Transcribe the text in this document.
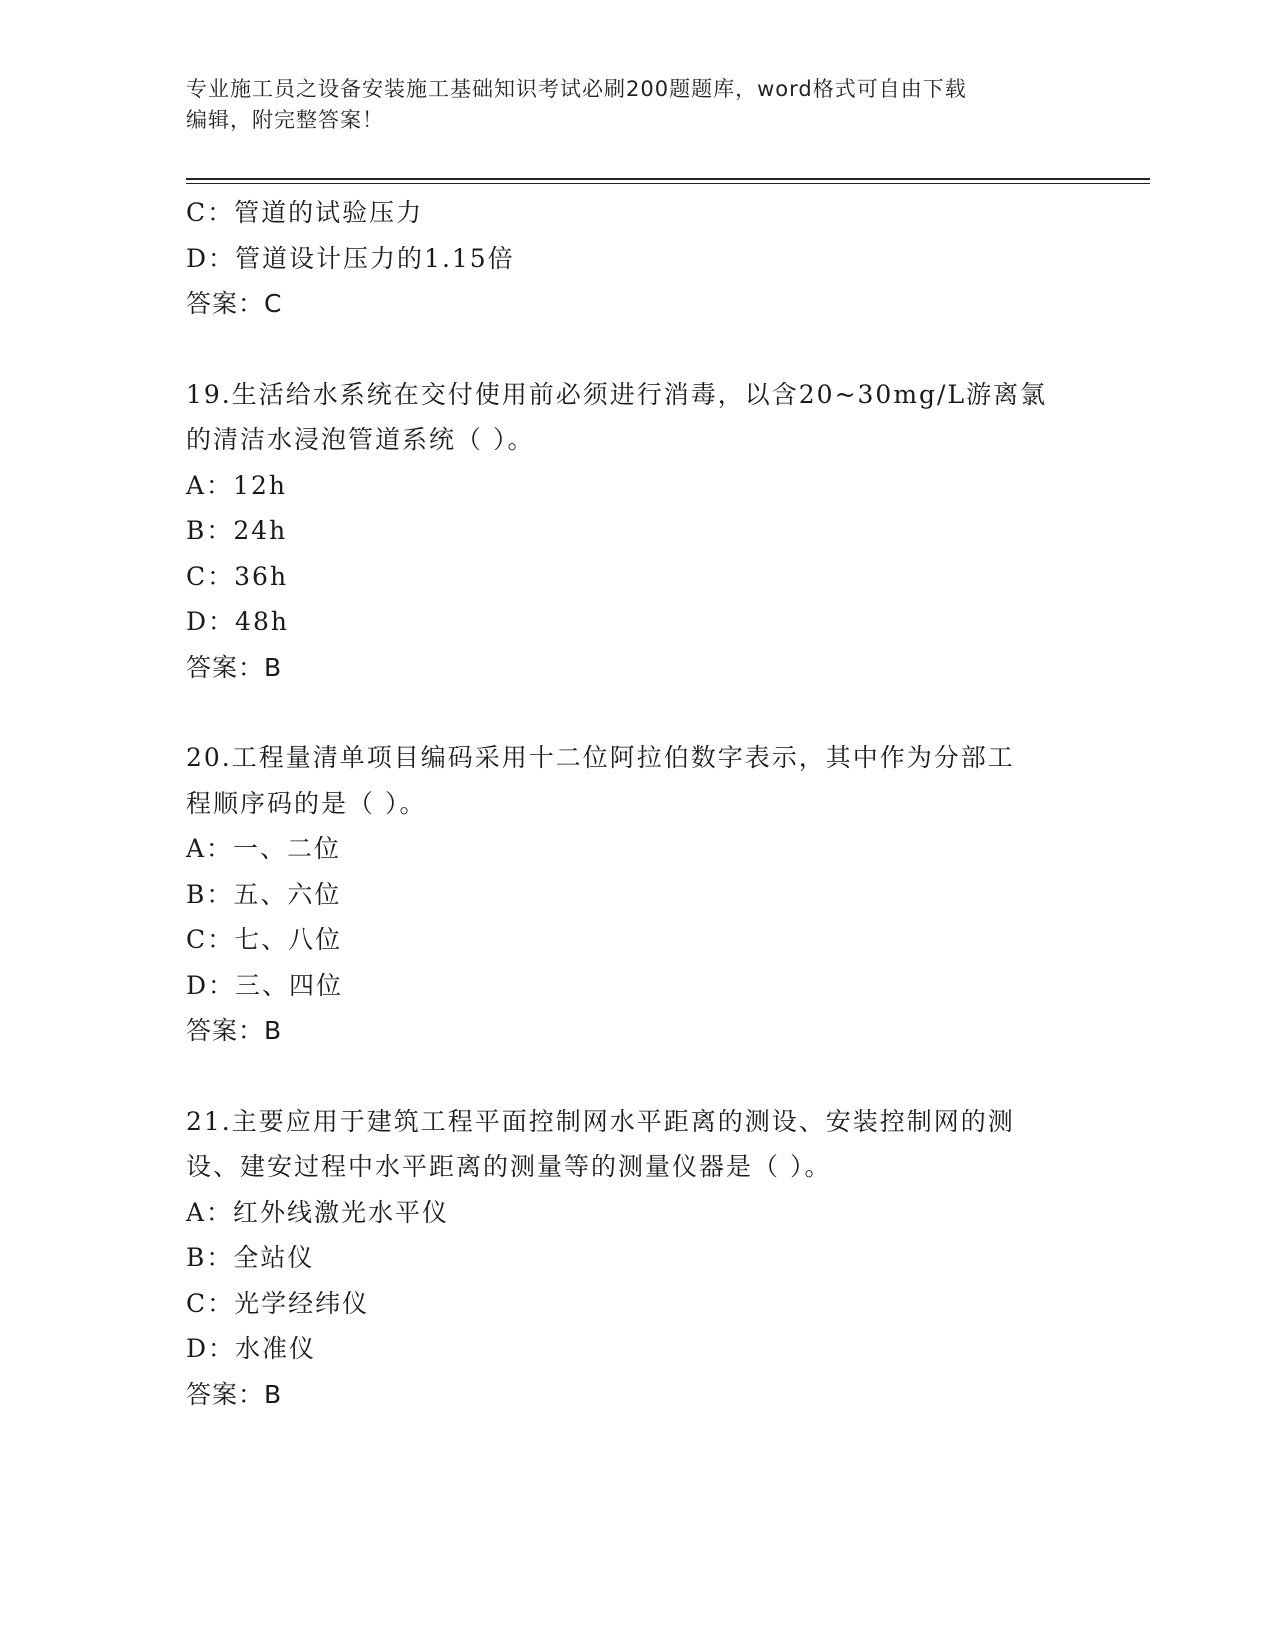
专业施工员之设备安装施工基础知识考试必刷200题题库，word格式可自由下载
编辑，附完整答案！
C：管道的试验压力
D：管道设计压力的1.15倍
答案：C
19.生活给水系统在交付使用前必须进行消毒，以含20~30mg/L游离氯
的清洁水浸泡管道系统（ ）。
A：12h
B：24h
C：36h
D：48h
答案：B
20.工程量清单项目编码采用十二位阿拉伯数字表示，其中作为分部工
程顺序码的是（ ）。
A：一、二位
B：五、六位
C：七、八位
D：三、四位
答案：B
21.主要应用于建筑工程平面控制网水平距离的测设、安装控制网的测
设、建安过程中水平距离的测量等的测量仪器是（ ）。
A：红外线激光水平仪
B：全站仪
C：光学经纬仪
D：水准仪
答案：B
